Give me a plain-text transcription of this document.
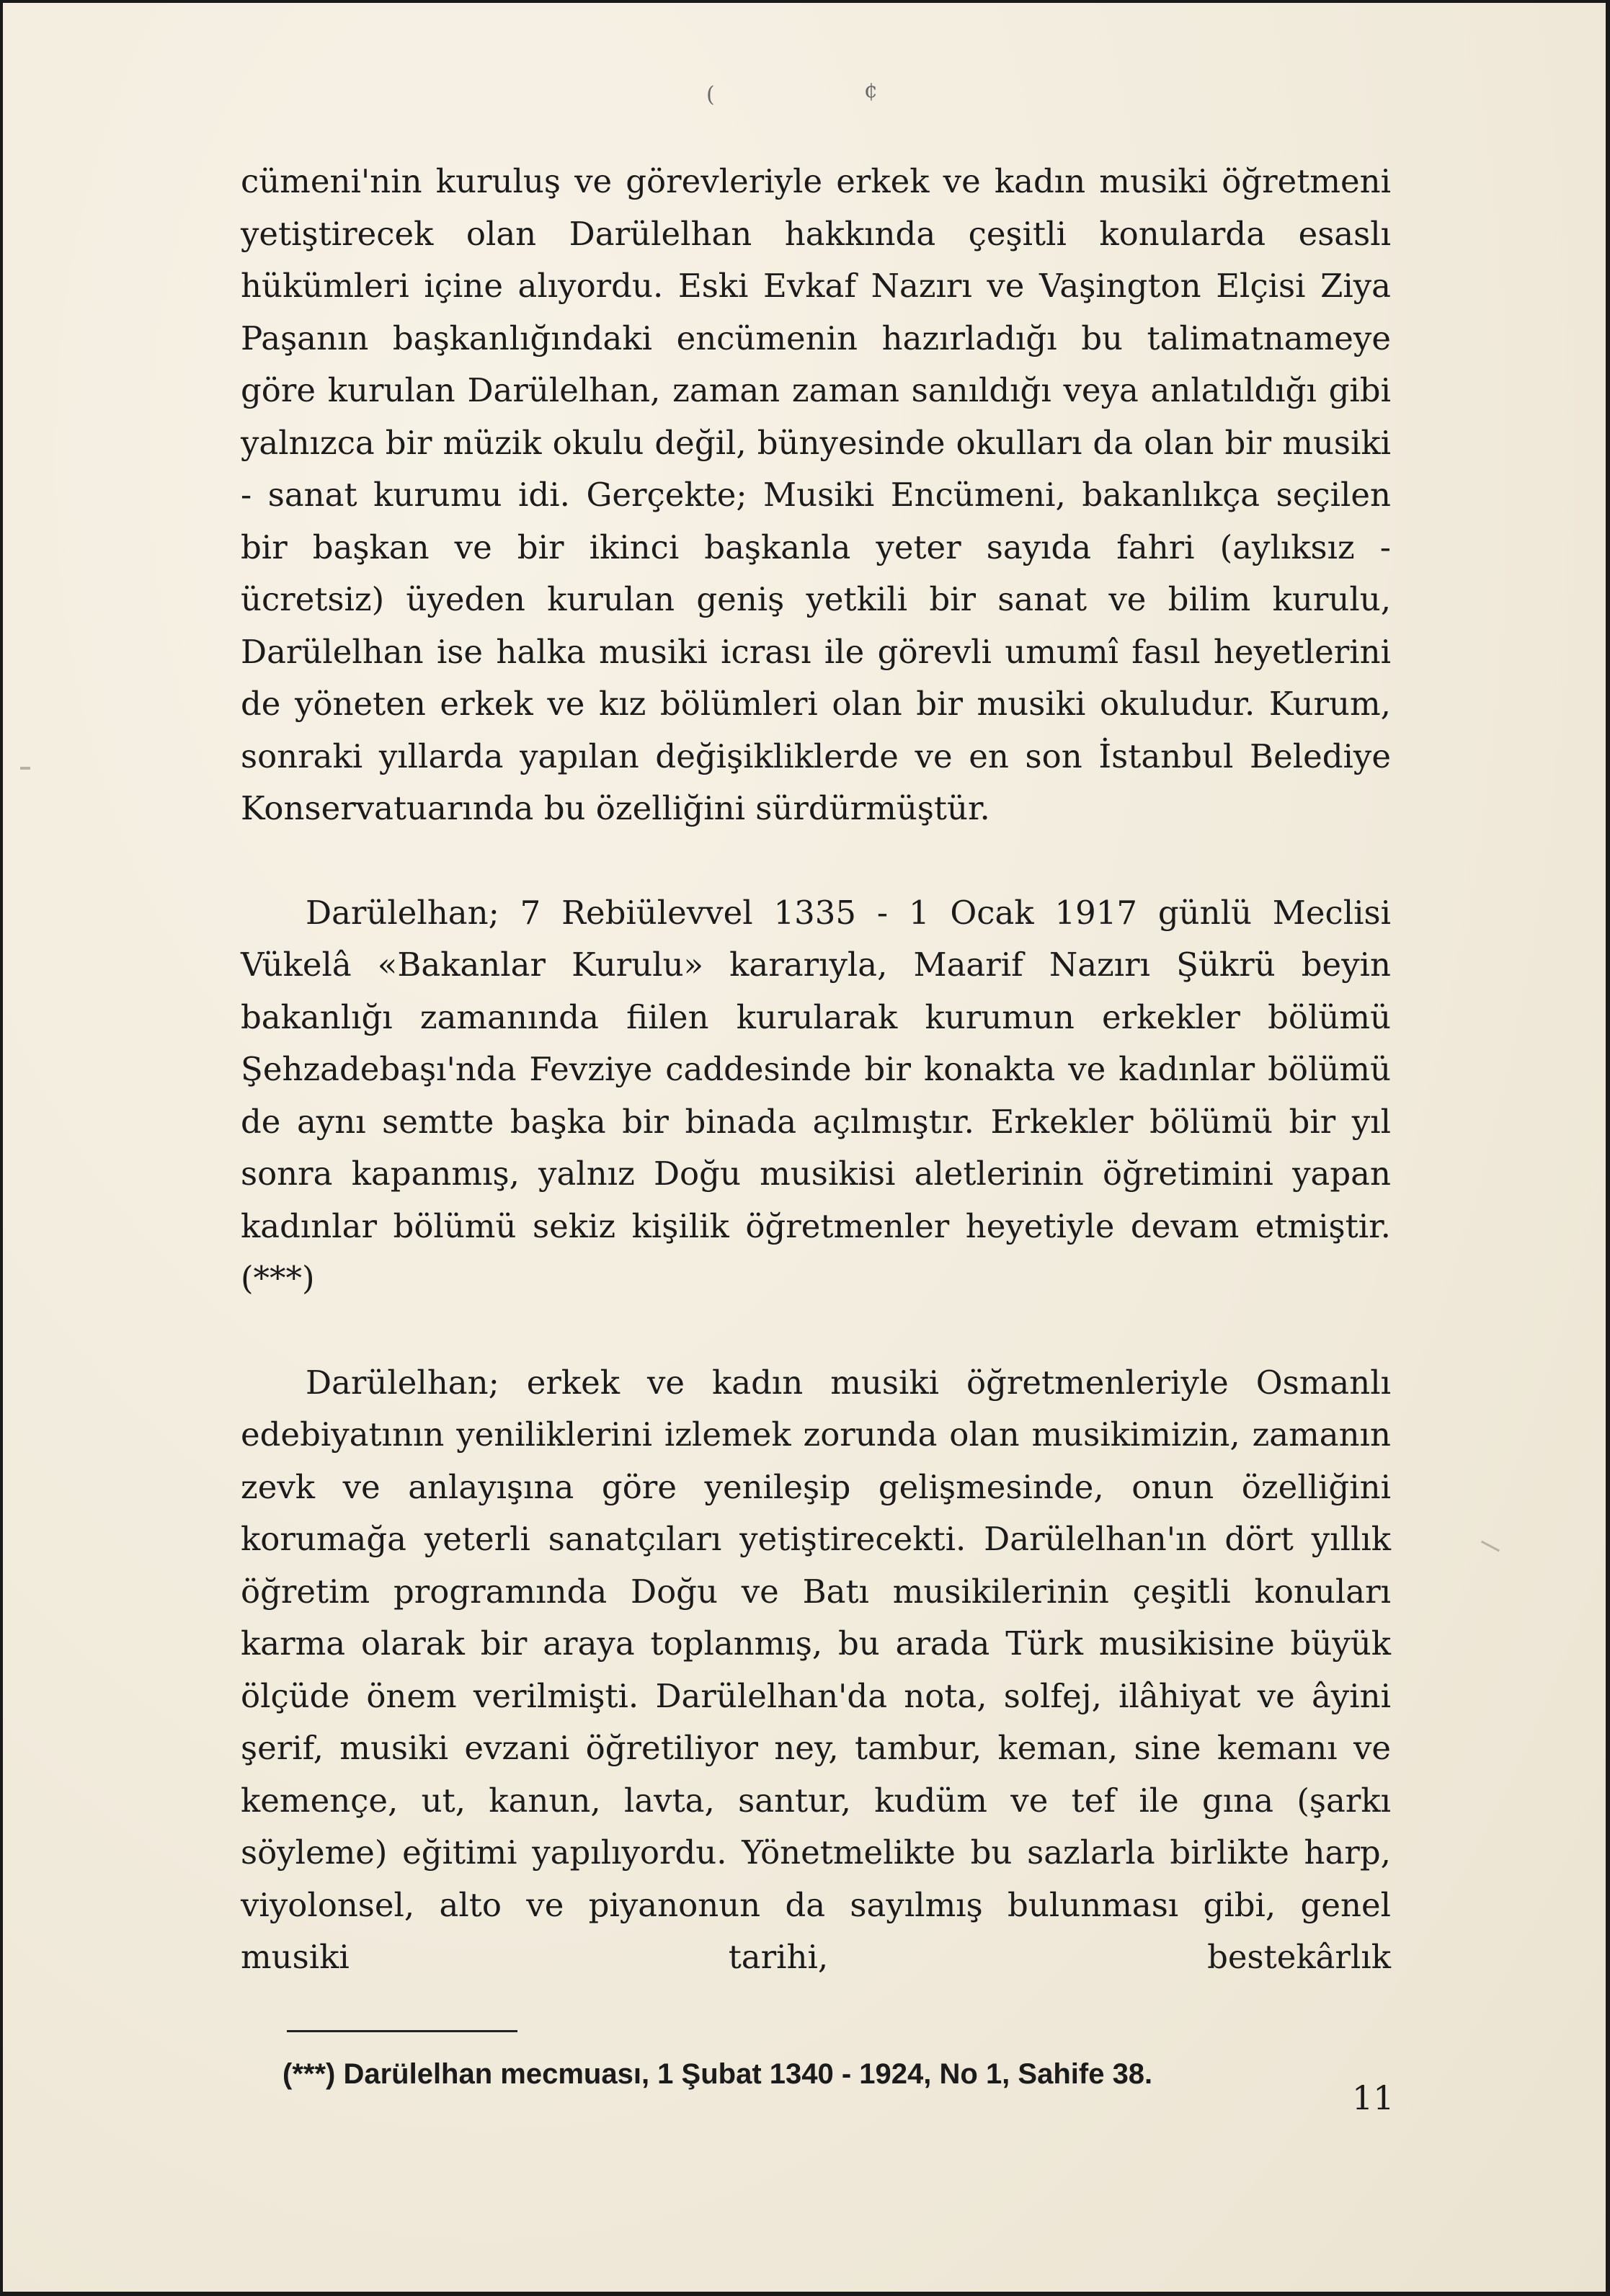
(	¢

cümeni'nin kuruluş ve görevleriyle erkek ve kadın musiki öğretmeni yetiştirecek olan Darülelhan hakkında çeşitli konularda esaslı hükümleri içine alıyordu. Eski Evkaf Nazırı ve Vaşington Elçisi Ziya Paşanın başkanlığındaki encümenin hazırladığı bu talimatnameye göre kurulan Darülelhan, zaman zaman sanıldığı veya anlatıldığı gibi yalnızca bir müzik okulu değil, bünyesinde okulları da olan bir musiki - sanat kurumu idi. Gerçekte; Musiki Encümeni, bakanlıkça seçilen bir başkan ve bir ikinci başkanla yeter sayıda fahri (aylıksız - ücretsiz) üyeden kurulan geniş yetkili bir sanat ve bilim kurulu, Darülelhan ise halka musiki icrası ile görevli umumî fasıl heyetlerini de yöneten erkek ve kız bölümleri olan bir musiki okuludur. Kurum, sonraki yıllarda yapılan değişikliklerde ve en son İstanbul Belediye Konservatuarında bu özelliğini sürdürmüştür.

Darülelhan; 7 Rebiülevvel 1335 - 1 Ocak 1917 günlü Meclisi Vükelâ «Bakanlar Kurulu» kararıyla, Maarif Nazırı Şükrü beyin bakanlığı zamanında fiilen kurularak kurumun erkekler bölümü Şehzadebaşı'nda Fevziye caddesinde bir konakta ve kadınlar bölümü de aynı semtte başka bir binada açılmıştır. Erkekler bölümü bir yıl sonra kapanmış, yalnız Doğu musikisi aletlerinin öğretimini yapan kadınlar bölümü sekiz kişilik öğretmenler heyetiyle devam etmiştir. (***)

Darülelhan; erkek ve kadın musiki öğretmenleriyle Osmanlı edebiyatının yeniliklerini izlemek zorunda olan musikimizin, zamanın zevk ve anlayışına göre yenileşip gelişmesinde, onun özelliğini korumağa yeterli sanatçıları yetiştirecekti. Darülelhan'ın dört yıllık öğretim programında Doğu ve Batı musikilerinin çeşitli konuları karma olarak bir araya toplanmış, bu arada Türk musikisine büyük ölçüde önem verilmişti. Darülelhan'da nota, solfej, ilâhiyat ve âyini şerif, musiki evzani öğretiliyor ney, tambur, keman, sine kemanı ve kemençe, ut, kanun, lavta, santur, kudüm ve tef ile gına (şarkı söyleme) eğitimi yapılıyordu. Yönetmelikte bu sazlarla birlikte harp, viyolonsel, alto ve piyanonun da sayılmış bulunması gibi, genel musiki tarihi, bestekârlık

(***) Darülelhan mecmuası, 1 Şubat 1340 - 1924, No 1, Sahife 38.
11
